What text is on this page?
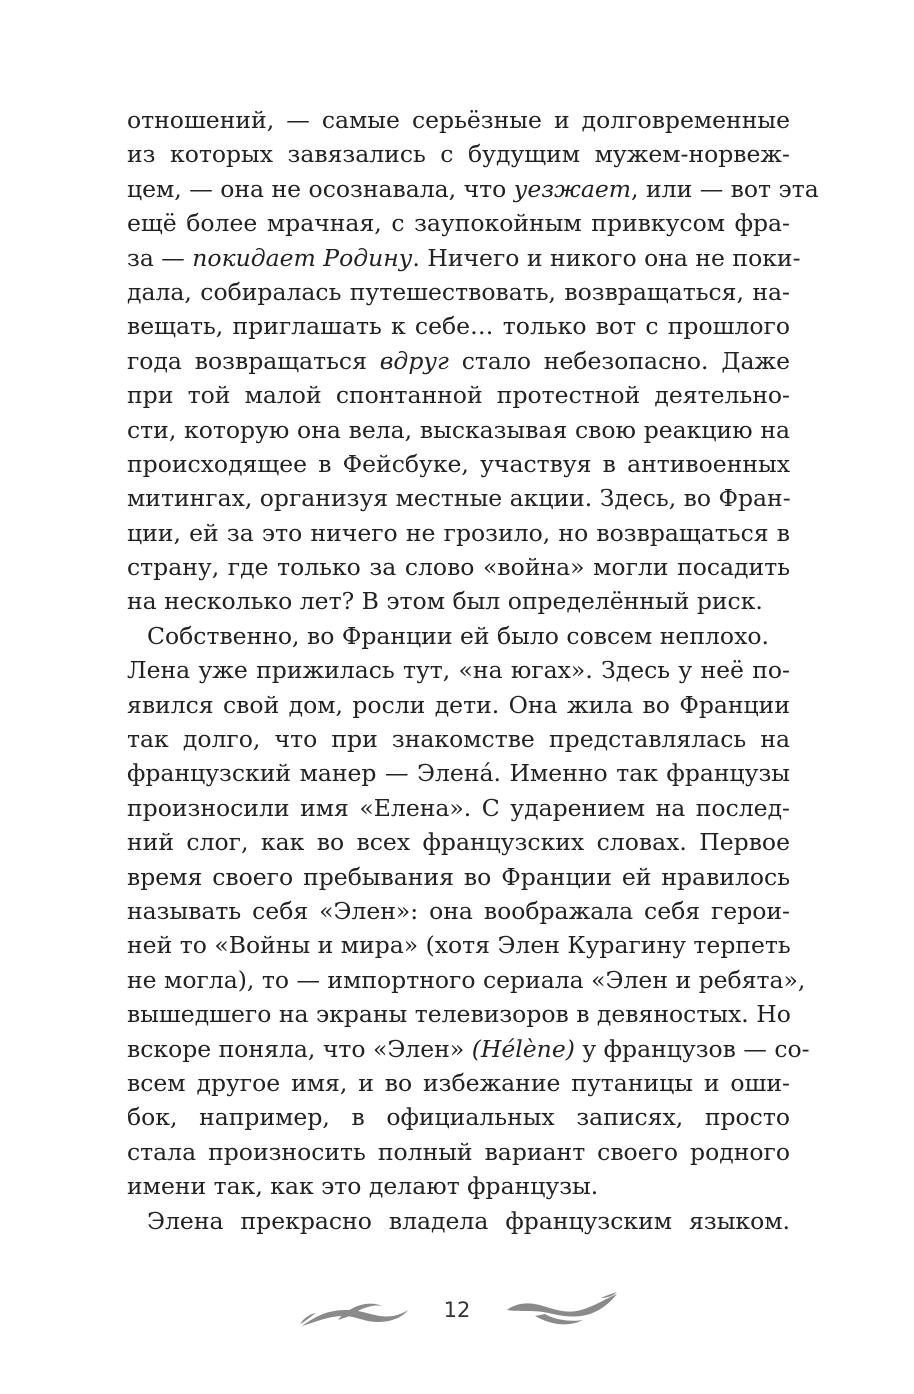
отношений, — самые серьёзные и долговременные
из которых завязались с будущим мужем-норвеж-
цем, — она не осознавала, что уезжает, или — вот эта
ещё более мрачная, с заупокойным привкусом фра-
за — покидает Родину. Ничего и никого она не поки-
дала, собиралась путешествовать, возвращаться, на-
вещать, приглашать к себе… только вот с прошлого
года возвращаться вдруг стало небезопасно. Даже
при той малой спонтанной протестной деятельно-
сти, которую она вела, высказывая свою реакцию на
происходящее в Фейсбуке, участвуя в антивоенных
митингах, организуя местные акции. Здесь, во Фран-
ции, ей за это ничего не грозило, но возвращаться в
страну, где только за слово «война» могли посадить
на несколько лет? В этом был определённый риск.
Собственно, во Франции ей было совсем неплохо.
Лена уже прижилась тут, «на югах». Здесь у неё по-
явился свой дом, росли дети. Она жила во Франции
так долго, что при знакомстве представлялась на
французский манер — Элена́. Именно так французы
произносили имя «Елена». С ударением на послед-
ний слог, как во всех французских словах. Первое
время своего пребывания во Франции ей нравилось
называть себя «Элен»: она воображала себя герои-
ней то «Войны и мира» (хотя Элен Курагину терпеть
не могла), то — импортного сериала «Элен и ребята»,
вышедшего на экраны телевизоров в девяностых. Но
вскоре поняла, что «Элен» (Hélène) у французов — со-
всем другое имя, и во избежание путаницы и оши-
бок, например, в официальных записях, просто
стала произносить полный вариант своего родного
имени так, как это делают французы.
Элена прекрасно владела французским языком.
12
